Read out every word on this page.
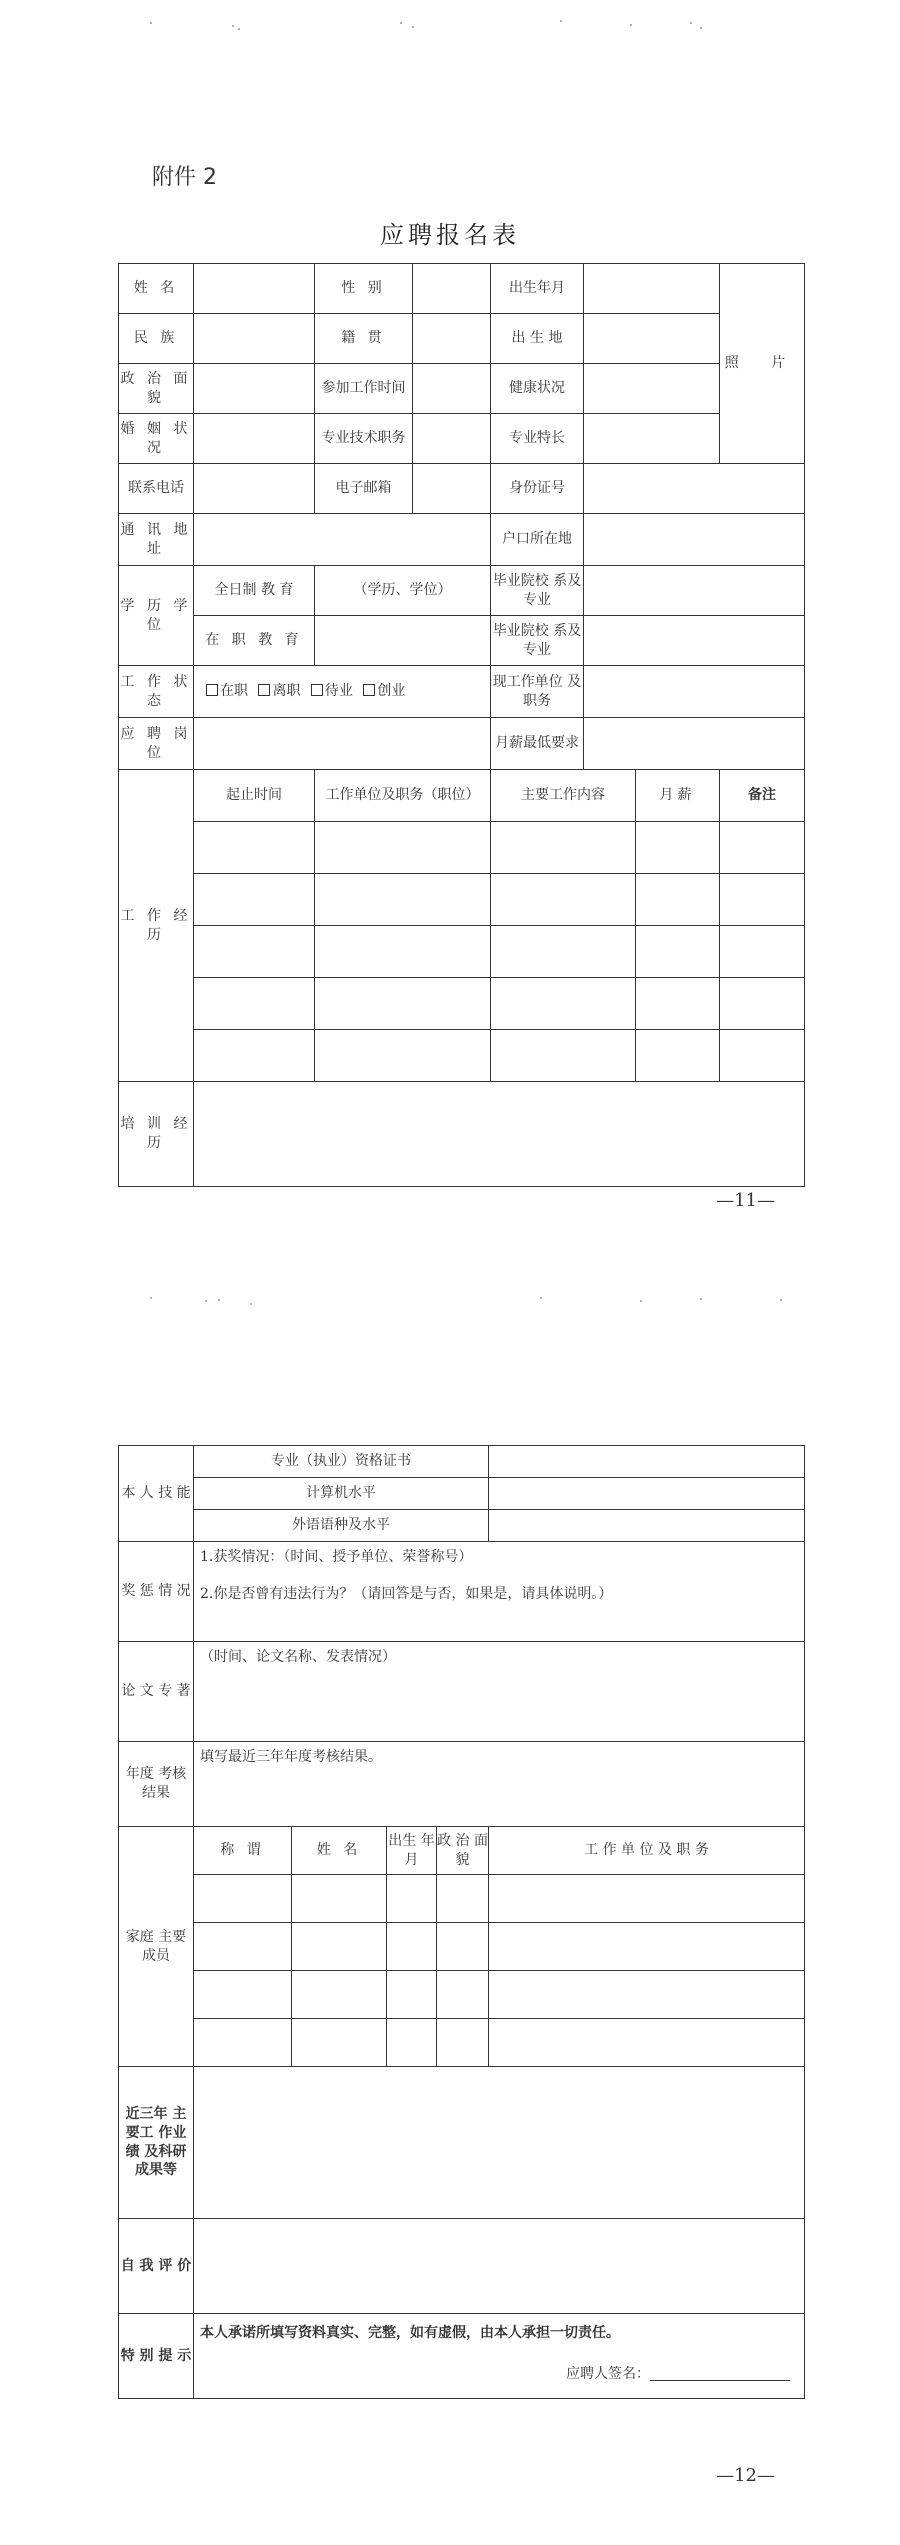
附件 2
应聘报名表
姓 名		性 别		出生年月			照 片
民 族		籍 贯		出 生 地			
政 治 面 貌		参加工作时间		健康状况			
婚 姻 状 况		专业技术职务		专业特长			
联系电话		电子邮箱		身份证号			
通 讯 地 址				户口所在地			
学 历 学 位	全日制 教 育	（学历、学位）		毕业院校 系及专业			
	在 职 教 育			毕业院校 系及专业			
工 作 状 态	在职 离职 待业 创业			现工作单位 及职务			
应 聘 岗 位				月薪最低要求			
工 作 经 历	起止时间	工作单位及职务（职位）		主要工作内容		月薪	备注

培 训 经 历							
—11—
本 人 技 能	专业（执业）资格证书				
	计算机水平				
	外语语种及水平				
奖 惩 情 况	1.获奖情况：（时间、授予单位、荣誉称号）
2.你是否曾有违法行为？（请回答是与否，如果是，请具体说明。）				

论 文 专 著	（时间、论文名称、发表情况）				

年度 考核 结果	填写最近三年年度考核结果。				

家庭 主要 成员	称 谓	姓 名	出生 年月	政 治 面 貌	工 作 单 位 及 职 务

近三年 主要工 作业绩 及科研 成果等					
自 我 评 价					
特 别 提 示	本人承诺所填写资料真实、完整，如有虚假，由本人承担一切责任。
应聘人签名：				
—12—
